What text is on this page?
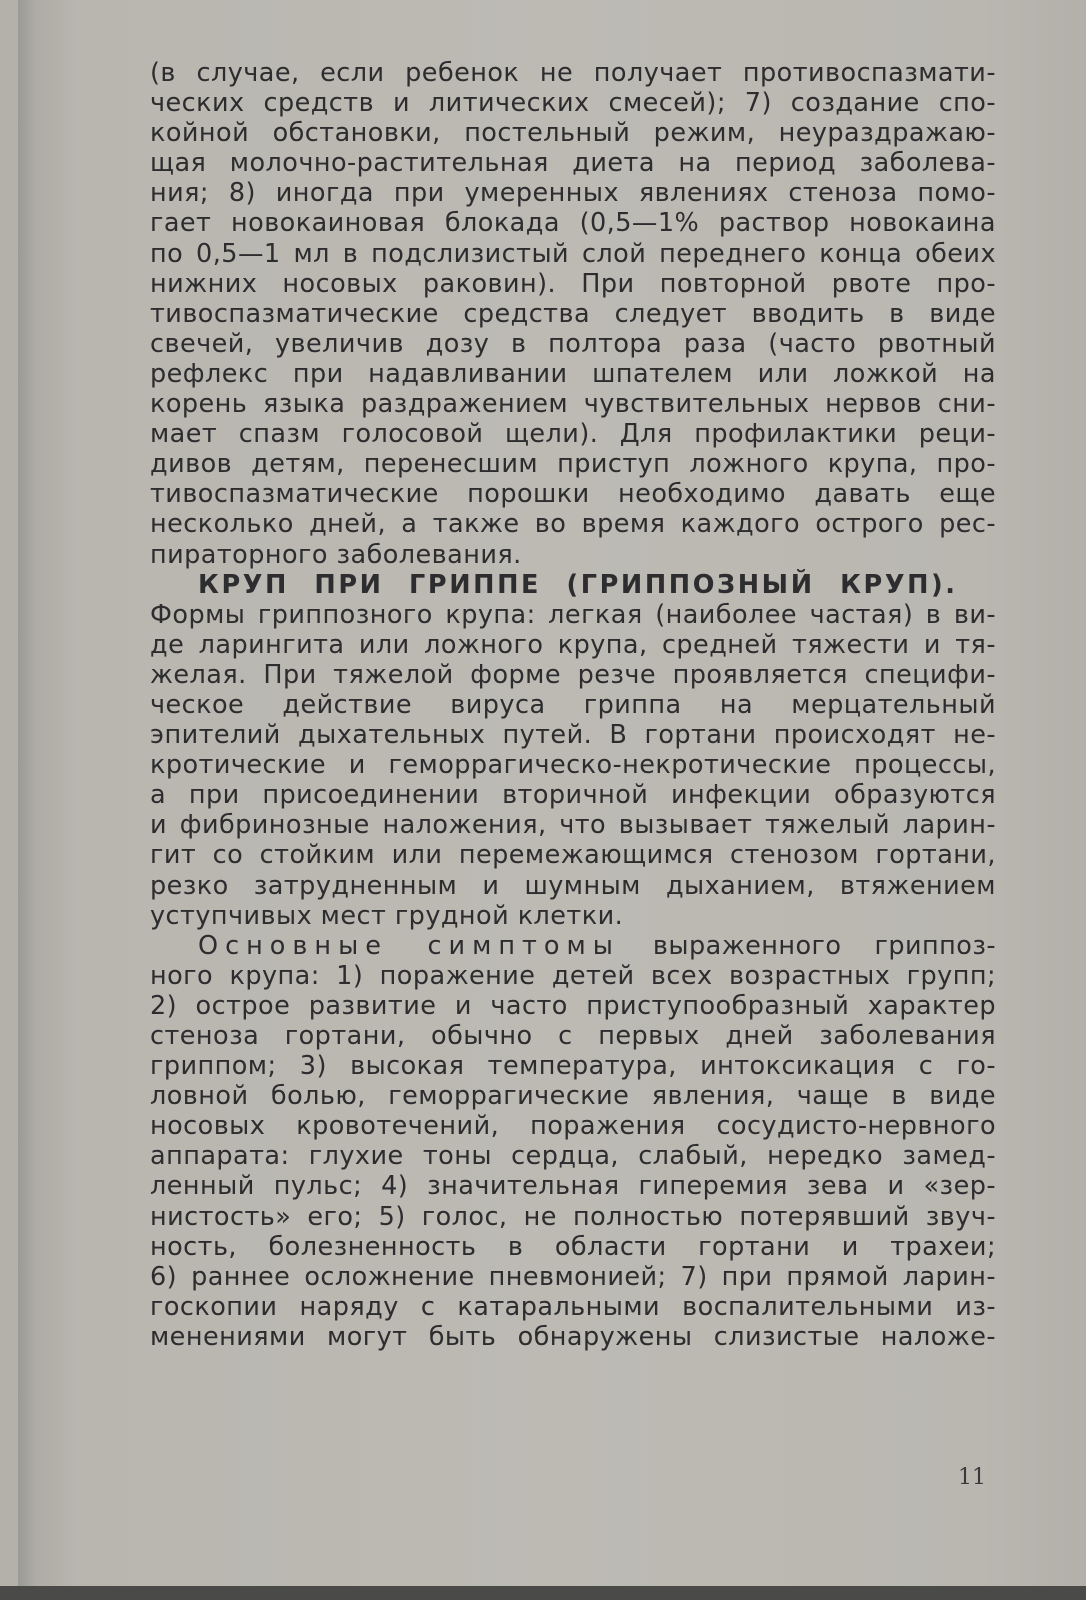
(в случае, если ребенок не получает противоспазмати-
ческих средств и литических смесей); 7) создание спо-
койной обстановки, постельный режим, неураздражаю-
щая молочно-растительная диета на период заболева-
ния; 8) иногда при умеренных явлениях стеноза помо-
гает новокаиновая блокада (0,5—1% раствор новокаина
по 0,5—1 мл в подслизистый слой переднего конца обеих
нижних носовых раковин). При повторной рвоте про-
тивоспазматические средства следует вводить в виде
свечей, увеличив дозу в полтора раза (часто рвотный
рефлекс при надавливании шпателем или ложкой на
корень языка раздражением чувствительных нервов сни-
мает спазм голосовой щели). Для профилактики реци-
дивов детям, перенесшим приступ ложного крупа, про-
тивоспазматические порошки необходимо давать еще
несколько дней, а также во время каждого острого рес-
пираторного заболевания.
КРУП ПРИ ГРИППЕ (ГРИППОЗНЫЙ КРУП).
Формы гриппозного крупа: легкая (наиболее частая) в ви-
де ларингита или ложного крупа, средней тяжести и тя-
желая. При тяжелой форме резче проявляется специфи-
ческое действие вируса гриппа на мерцательный
эпителий дыхательных путей. В гортани происходят не-
кротические и геморрагическо-некротические процессы,
а при присоединении вторичной инфекции образуются
и фибринозные наложения, что вызывает тяжелый ларин-
гит со стойким или перемежающимся стенозом гортани,
резко затрудненным и шумным дыханием, втяжением
уступчивых мест грудной клетки.
Основные симптомы выраженного гриппоз-
ного крупа: 1) поражение детей всех возрастных групп;
2) острое развитие и часто приступообразный характер
стеноза гортани, обычно с первых дней заболевания
гриппом; 3) высокая температура, интоксикация с го-
ловной болью, геморрагические явления, чаще в виде
носовых кровотечений, поражения сосудисто-нервного
аппарата: глухие тоны сердца, слабый, нередко замед-
ленный пульс; 4) значительная гиперемия зева и «зер-
нистость» его; 5) голос, не полностью потерявший звуч-
ность, болезненность в области гортани и трахеи;
6) раннее осложнение пневмонией; 7) при прямой ларин-
госкопии наряду с катаральными воспалительными из-
менениями могут быть обнаружены слизистые наложе-
11
